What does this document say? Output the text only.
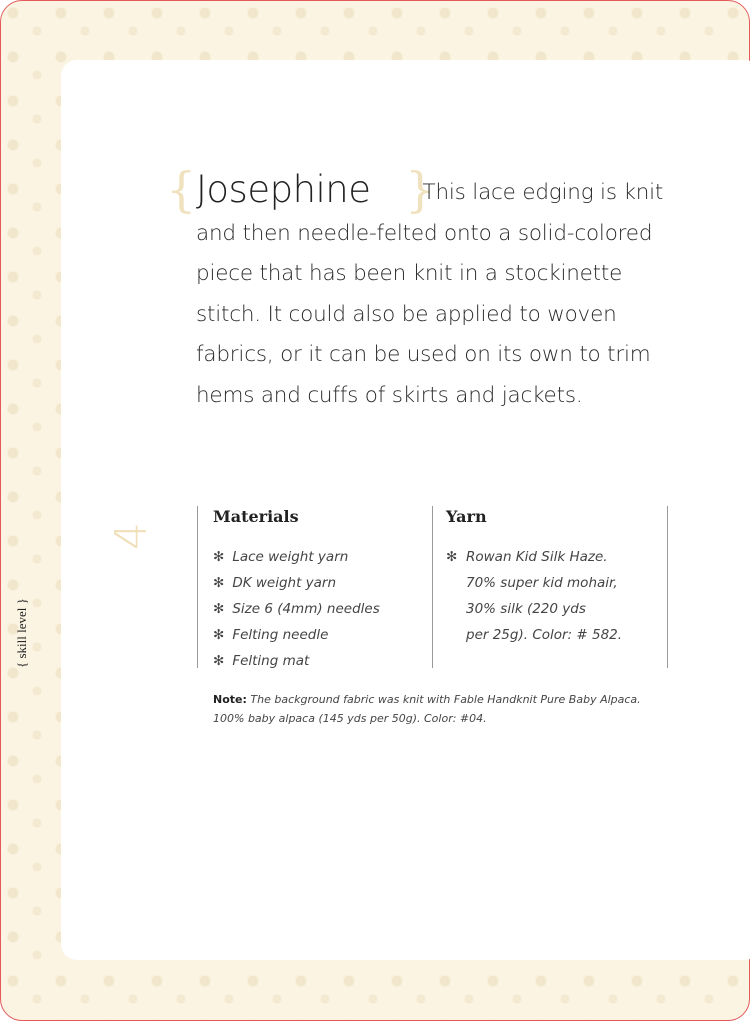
{	}
Josephine This lace edging is knit and then needle-felted onto a solid-colored piece that has been knit in a stockinette stitch. It could also be applied to woven fabrics, or it can be used on its own to trim hems and cuffs of skirts and jackets.
4
{ skill level }
Materials
✻ Lace weight yarn
✻ DK weight yarn
✻ Size 6 (4mm) needles
✻ Felting needle
✻ Felting mat
Yarn
✻ Rowan Kid Silk Haze.
70% super kid mohair,
30% silk (220 yds
per 25g). Color: # 582.
Note: The background fabric was knit with Fable Handknit Pure Baby Alpaca. 100% baby alpaca (145 yds per 50g). Color: #04.
